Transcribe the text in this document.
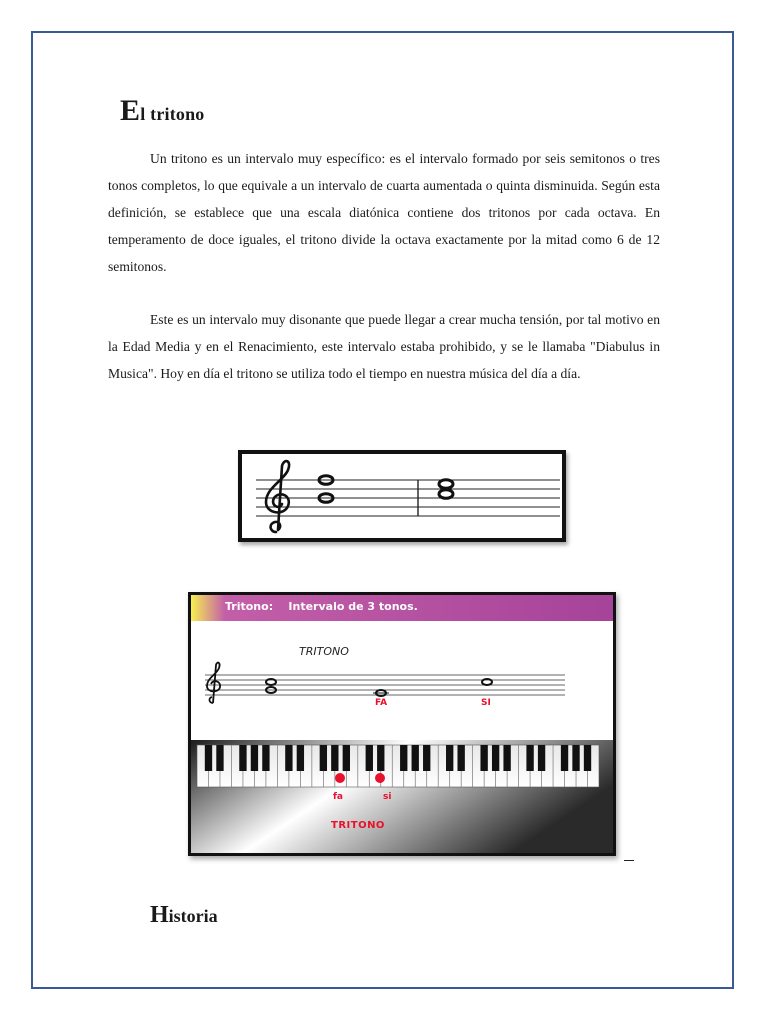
El tritono

Un tritono es un intervalo muy específico: es el intervalo formado por seis semitonos o tres tonos completos, lo que equivale a un intervalo de cuarta aumentada o quinta disminuida. Según esta definición, se establece que una escala diatónica contiene dos tritonos por cada octava. En temperamento de doce iguales, el tritono divide la octava exactamente por la mitad como 6 de 12 semitonos.

Este es un intervalo muy disonante que puede llegar a crear mucha tensión, por tal motivo en la Edad Media y en el Renacimiento, este intervalo estaba prohibido, y se le llamaba "Diabulus in Musica". Hoy en día el tritono se utiliza todo el tiempo en nuestra música del día a día.

Tritono:    Intervalo de 3 tonos.
TRITONO
FA	SI
fa	si
TRITONO
Historia
